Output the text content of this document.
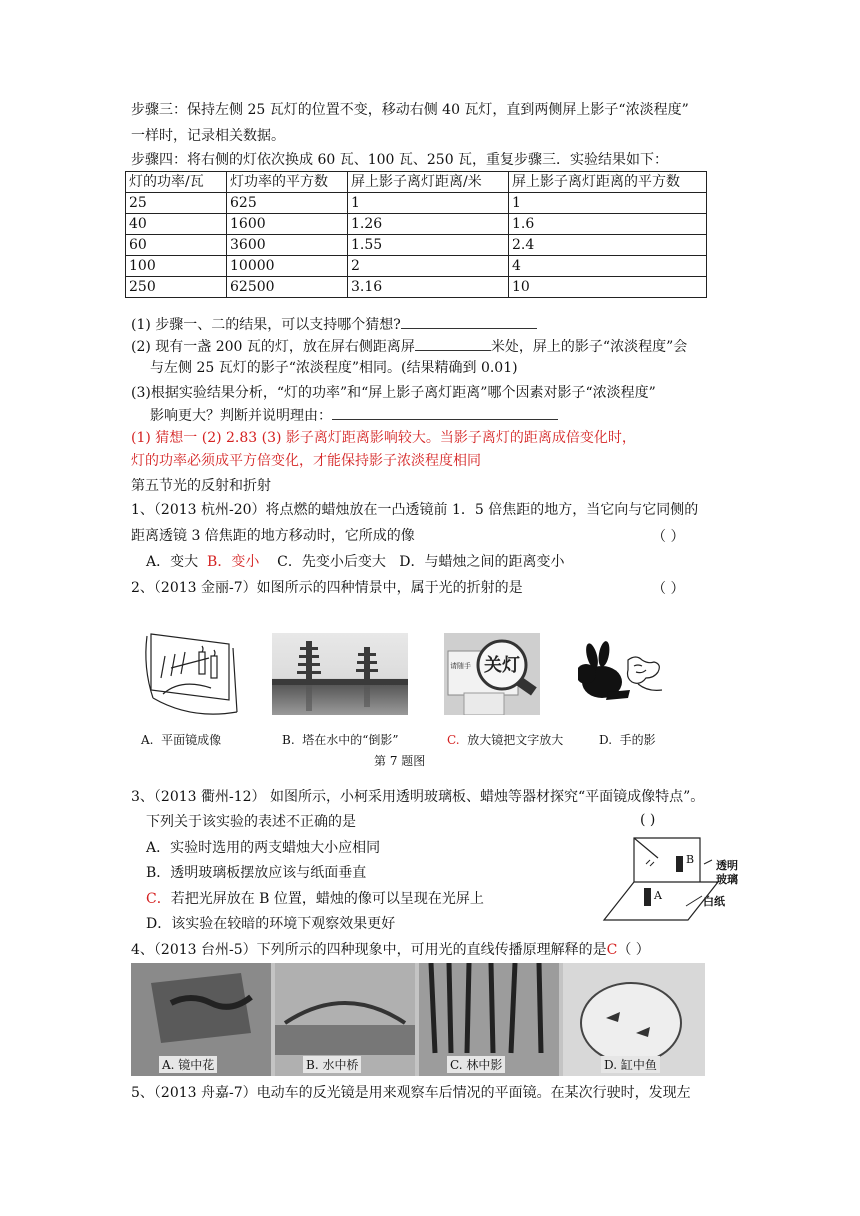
步骤三：保持左侧 25 瓦灯的位置不变，移动右侧 40 瓦灯，直到两侧屏上影子“浓淡程度”
一样时，记录相关数据。
步骤四：将右侧的灯依次换成 60 瓦、100 瓦、250 瓦，重复步骤三．实验结果如下：
灯的功率/瓦	灯功率的平方数	屏上影子离灯距离/米	屏上影子离灯距离的平方数
25	625	1	1
40	1600	1.26	1.6
60	3600	1.55	2.4
100	10000	2	4
250	62500	3.16	10
(1) 步骤一、二的结果，可以支持哪个猜想?
(2) 现有一盏 200 瓦的灯，放在屏右侧距离屏	米处，屏上的影子“浓淡程度”会
与左侧 25 瓦灯的影子“浓淡程度”相同。(结果精确到 0.01)
(3)根据实验结果分析，“灯的功率”和“屏上影子离灯距离”哪个因素对影子“浓淡程度”
影响更大？判断并说明理由：
(1) 猜想一 (2) 2.83 (3) 影子离灯距离影响较大。当影子离灯的距离成倍变化时，
灯的功率必须成平方倍变化，才能保持影子浓淡程度相同
第五节光的反射和折射
1、（2013 杭州-20）将点燃的蜡烛放在一凸透镜前 1．5 倍焦距的地方，当它向与它同侧的
距离透镜 3 倍焦距的地方移动时，它所成的像	（ ）
A．变大 B．变小 C．先变小后变大 D．与蜡烛之间的距离变小
2、（2013 金丽-7）如图所示的四种情景中，属于光的折射的是	（ ）
A. 平面镜成像	B. 塔在水中的“倒影”
关灯
请随手
C. 放大镜把文字放大	D. 手的影
第 7 题图
3、（2013 衢州-12） 如图所示，小柯采用透明玻璃板、蜡烛等器材探究“平面镜成像特点”。
下列关于该实验的表述不正确的是	( )
A．实验时选用的两支蜡烛大小应相同
B．透明玻璃板摆放应该与纸面垂直
C．若把光屏放在 B 位置，蜡烛的像可以呈现在光屏上
D．该实验在较暗的环境下观察效果更好
B
A
透明
玻璃
白纸
4、（2013 台州-5）下列所示的四种现象中，可用光的直线传播原理解释的是C（ ）
A. 镜中花	B. 水中桥	C. 林中影	D. 缸中鱼
5、（2013 舟嘉-7）电动车的反光镜是用来观察车后情况的平面镜。在某次行驶时，发现左
